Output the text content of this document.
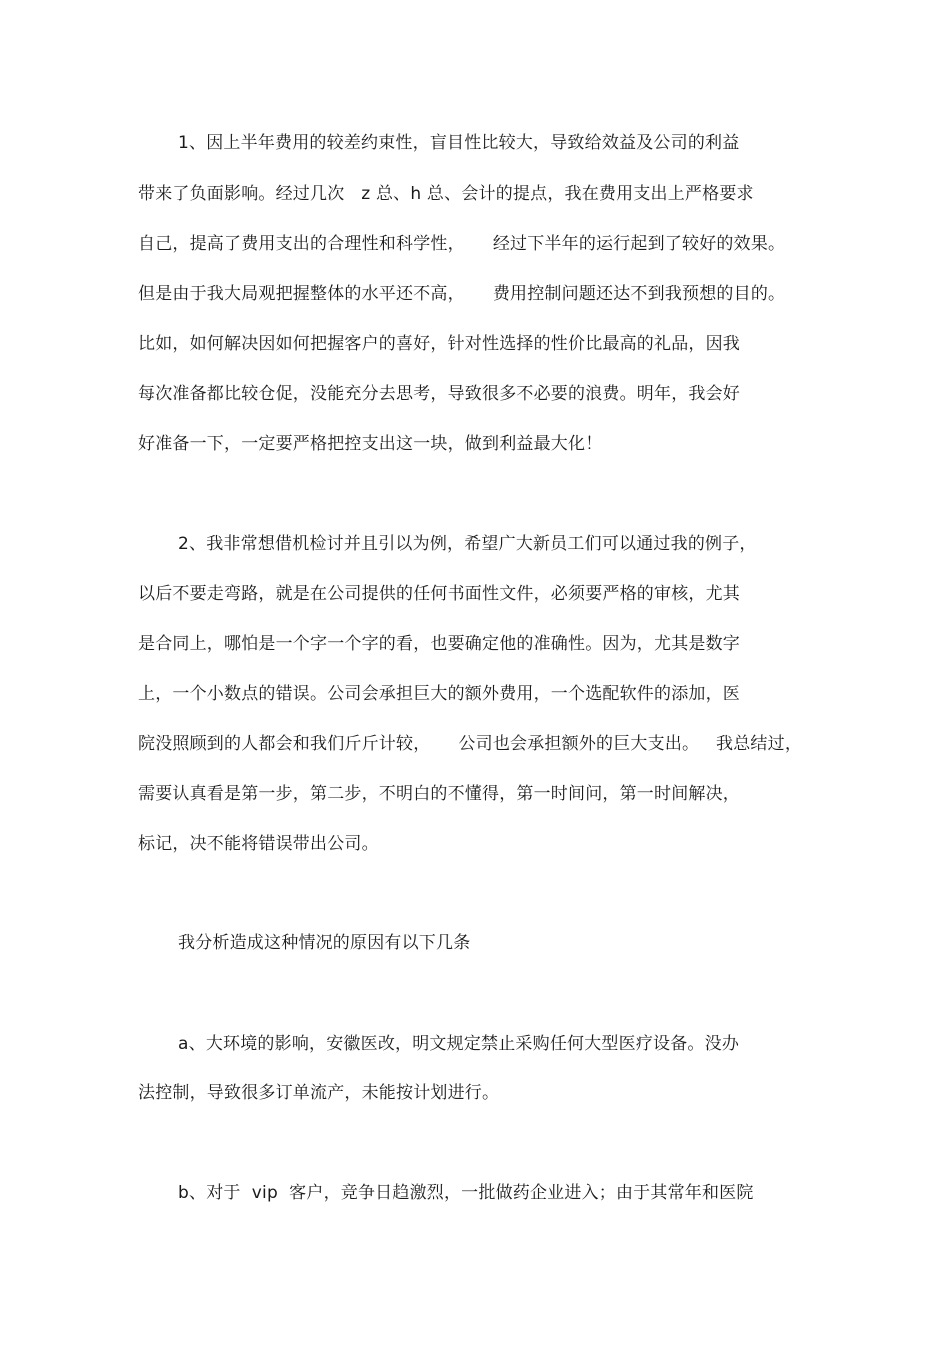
1、因上半年费用的较差约束性，盲目性比较大，导致给效益及公司的利益
带来了负面影响。经过几次   z 总、h 总、会计的提点，我在费用支出上严格要求
自己，提高了费用支出的合理性和科学性，     经过下半年的运行起到了较好的效果。
但是由于我大局观把握整体的水平还不高，     费用控制问题还达不到我预想的目的。
比如，如何解决因如何把握客户的喜好，针对性选择的性价比最高的礼品，因我
每次准备都比较仓促，没能充分去思考，导致很多不必要的浪费。明年，我会好
好准备一下，一定要严格把控支出这一块，做到利益最大化！
2、我非常想借机检讨并且引以为例，希望广大新员工们可以通过我的例子，
以后不要走弯路，就是在公司提供的任何书面性文件，必须要严格的审核，尤其
是合同上，哪怕是一个字一个字的看，也要确定他的准确性。因为，尤其是数字
上，一个小数点的错误。公司会承担巨大的额外费用，一个选配软件的添加，医
院没照顾到的人都会和我们斤斤计较，     公司也会承担额外的巨大支出。   我总结过，
需要认真看是第一步，第二步，不明白的不懂得，第一时间问，第一时间解决，
标记，决不能将错误带出公司。
我分析造成这种情况的原因有以下几条
a、大环境的影响，安徽医改，明文规定禁止采购任何大型医疗设备。没办
法控制，导致很多订单流产，未能按计划进行。
b、对于  vip  客户，竞争日趋激烈，一批做药企业进入；由于其常年和医院
